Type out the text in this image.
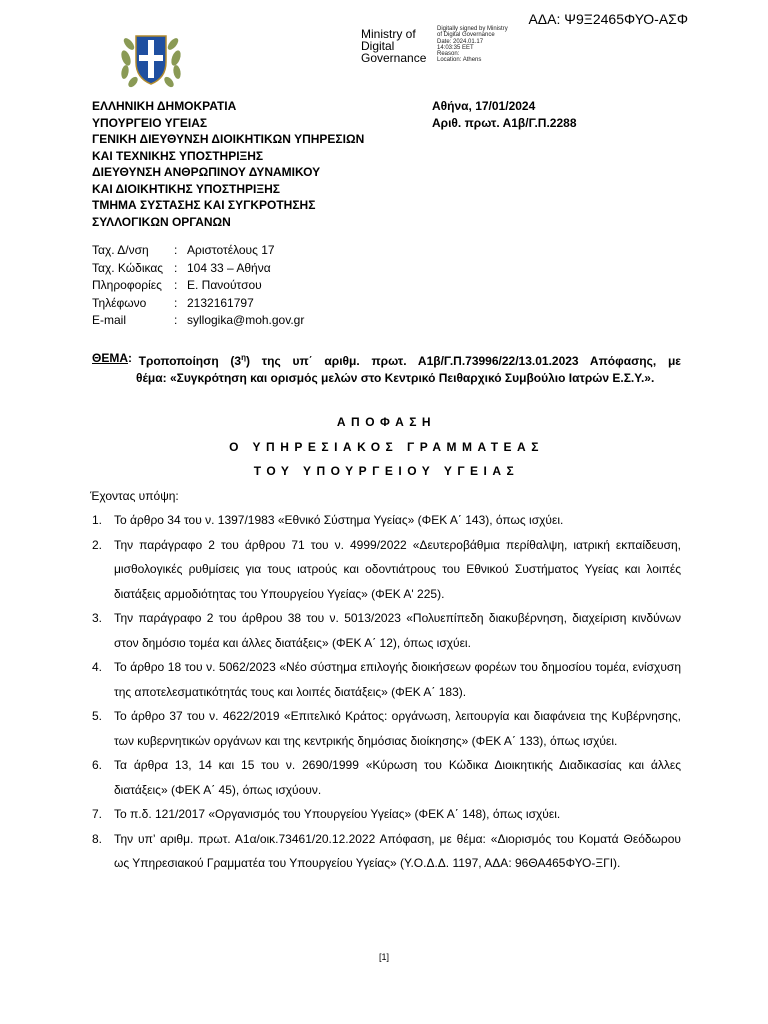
ΑΔΑ: Ψ9Ξ2465ΦΥΟ-ΑΣΦ
Ministry of
Digital
Governance
Digitally signed by Ministry
of Digital Governance
Date: 2024.01.17
14:03:35 EET
Reason:
Location: Athens
ΕΛΛΗΝΙΚΗ ΔΗΜΟΚΡΑΤΙΑ
ΥΠΟΥΡΓΕΙΟ ΥΓΕΙΑΣ
ΓΕΝΙΚΗ ΔΙΕΥΘΥΝΣΗ ΔΙΟΙΚΗΤΙΚΩΝ ΥΠΗΡΕΣΙΩΝ
ΚΑΙ ΤΕΧΝΙΚΗΣ ΥΠΟΣΤΗΡΙΞΗΣ
ΔΙΕΥΘΥΝΣΗ ΑΝΘΡΩΠΙΝΟΥ ΔΥΝΑΜΙΚΟΥ
ΚΑΙ ΔΙΟΙΚΗΤΙΚΗΣ ΥΠΟΣΤΗΡΙΞΗΣ
ΤΜΗΜΑ ΣΥΣΤΑΣΗΣ ΚΑΙ ΣΥΓΚΡΟΤΗΣΗΣ
ΣΥΛΛΟΓΙΚΩΝ ΟΡΓΑΝΩΝ
Αθήνα, 17/01/2024
Αριθ. πρωτ. Α1β/Γ.Π.2288
Ταχ. Δ/νση	:	Αριστοτέλους 17
Ταχ. Κώδικας	:	104 33 – Αθήνα
Πληροφορίες	:	Ε. Πανούτσου
Τηλέφωνο	:	2132161797
E-mail	:	syllogika@moh.gov.gr
ΘΕΜΑ : Τροποποίηση $(3^\eta)$ της υπ΄ αριθμ. πρωτ. Α1β/Γ.Π.73996/22/13.01.2023 Απόφασης, με
θέμα: «Συγκρότηση και ορισμός μελών στο Κεντρικό Πειθαρχικό Συμβούλιο Ιατρών Ε.Σ.Υ.».
ΑΠΟΦΑΣΗ
Ο ΥΠΗΡΕΣΙΑΚΟΣ ΓΡΑΜΜΑΤΕΑΣ
ΤΟΥ ΥΠΟΥΡΓΕΙΟΥ ΥΓΕΙΑΣ
Έχοντας υπόψη:
1. Το άρθρο 34 του ν. 1397/1983 «Εθνικό Σύστημα Υγείας» (ΦΕΚ Α΄ 143), όπως ισχύει.
2. Την παράγραφο 2 του άρθρου 71 του ν. 4999/2022 «Δευτεροβάθμια περίθαλψη, ιατρική εκπαίδευση, μισθολογικές ρυθμίσεις για τους ιατρούς και οδοντιάτρους του Εθνικού Συστήματος Υγείας και λοιπές διατάξεις αρμοδιότητας του Υπουργείου Υγείας» (ΦΕΚ Α' 225).
3. Την παράγραφο 2 του άρθρου 38 του ν. 5013/2023 «Πολυεπίπεδη διακυβέρνηση, διαχείριση κινδύνων στον δημόσιο τομέα και άλλες διατάξεις» (ΦΕΚ Α΄ 12), όπως ισχύει.
4. Το άρθρο 18 του ν. 5062/2023 «Νέο σύστημα επιλογής διοικήσεων φορέων του δημοσίου τομέα, ενίσχυση της αποτελεσματικότητάς τους και λοιπές διατάξεις» (ΦΕΚ Α΄ 183).
5. Το άρθρο 37 του ν. 4622/2019 «Επιτελικό Κράτος: οργάνωση, λειτουργία και διαφάνεια της Κυβέρνησης, των κυβερνητικών οργάνων και της κεντρικής δημόσιας διοίκησης» (ΦΕΚ Α΄ 133), όπως ισχύει.
6. Τα άρθρα 13, 14 και 15 του ν. 2690/1999 «Κύρωση του Κώδικα Διοικητικής Διαδικασίας και άλλες διατάξεις» (ΦΕΚ Α΄ 45), όπως ισχύουν.
7. Το π.δ. 121/2017 «Οργανισμός του Υπουργείου Υγείας» (ΦΕΚ Α΄ 148), όπως ισχύει.
8. Την υπ’ αριθμ. πρωτ. Α1α/οικ.73461/20.12.2022 Απόφαση, με θέμα: «Διορισμός του Κοματά Θεόδωρου ως Υπηρεσιακού Γραμματέα του Υπουργείου Υγείας» (Υ.Ο.Δ.Δ. 1197, ΑΔΑ: 96ΘΑ465ΦΥΟ-ΞΓΙ).
[1]
